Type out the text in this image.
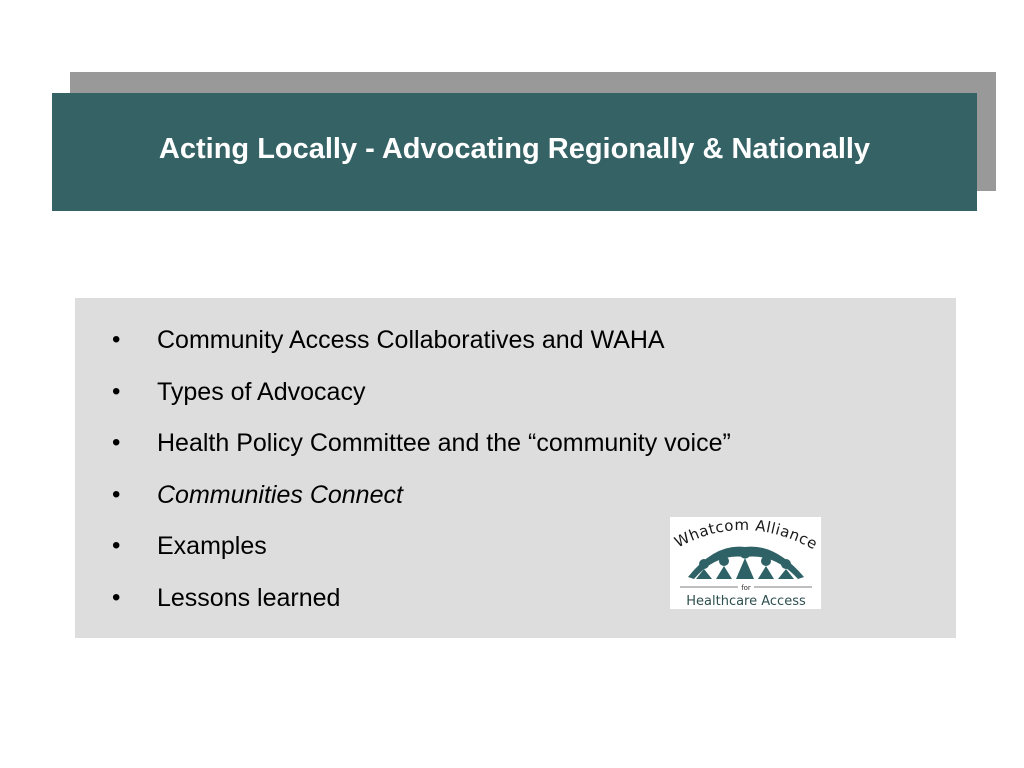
Acting Locally - Advocating Regionally & Nationally
• Community Access Collaboratives and WAHA
• Types of Advocacy
• Health Policy Committee and the “community voice”
• Communities Connect
• Examples
• Lessons learned
Whatcom Alliance
for
Healthcare Access
